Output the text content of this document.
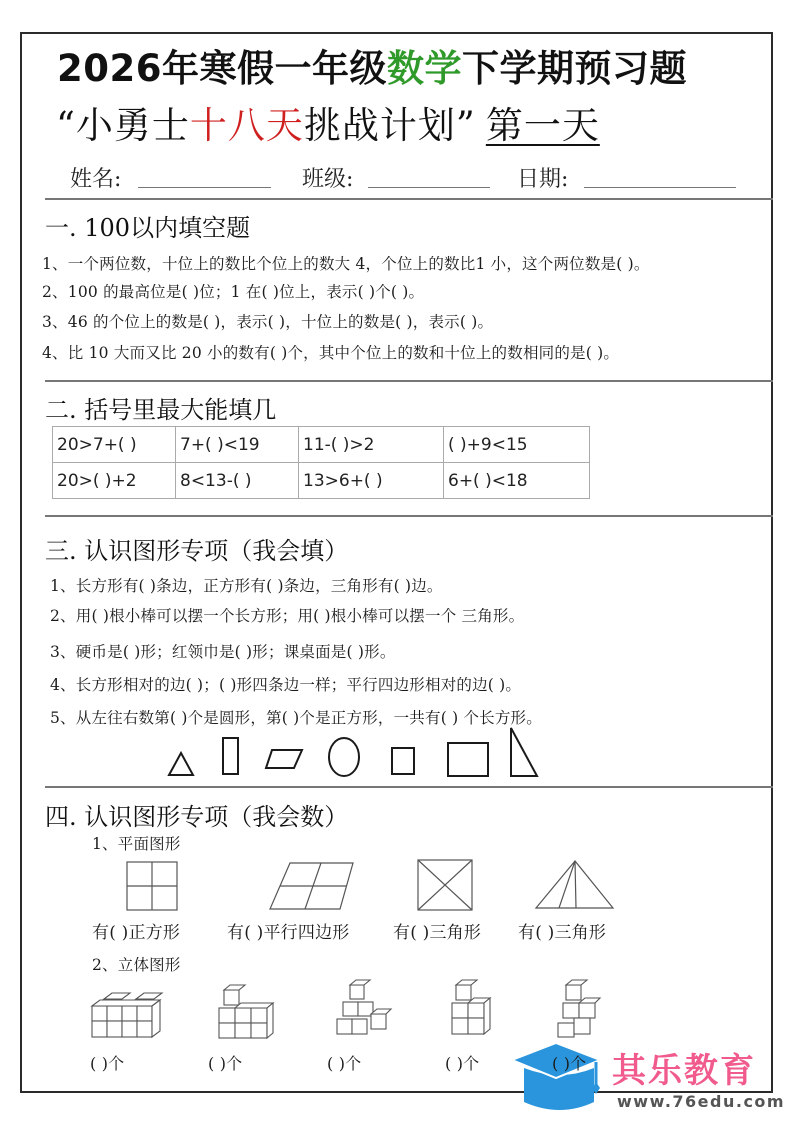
2026年寒假一年级数学下学期预习题
“小勇士十八天挑战计划” 第一天
姓名:	班级:	日期:
一. 100以内填空题
1、一个两位数，十位上的数比个位上的数大 4，个位上的数比1 小，这个两位数是( )。
2、100 的最高位是( )位；1 在( )位上，表示( )个( )。
3、46 的个位上的数是( )，表示( )，十位上的数是( )，表示( )。
4、比 10 大而又比 20 小的数有( )个，其中个位上的数和十位上的数相同的是( )。
二. 括号里最大能填几
20>7+( )	7+( )<19	11-( )>2	( )+9<15
20>( )+2	8<13-( )	13>6+( )	6+( )<18
三. 认识图形专项（我会填）
1、长方形有( )条边，正方形有( )条边，三角形有( )边。
2、用( )根小棒可以摆一个长方形；用( )根小棒可以摆一个 三角形。
3、硬币是( )形；红领巾是( )形；课桌面是( )形。
4、长方形相对的边( )；( )形四条边一样；平行四边形相对的边( )。
5、从左往右数第( )个是圆形，第( )个是正方形，一共有( ) 个长方形。
四. 认识图形专项（我会数）
1、平面图形
有( )正方形	有( )平行四边形	有( )三角形 有( )三角形
2、立体图形
( )个	( )个	( )个	( )个	( )个 其乐教育
www.76edu.com
